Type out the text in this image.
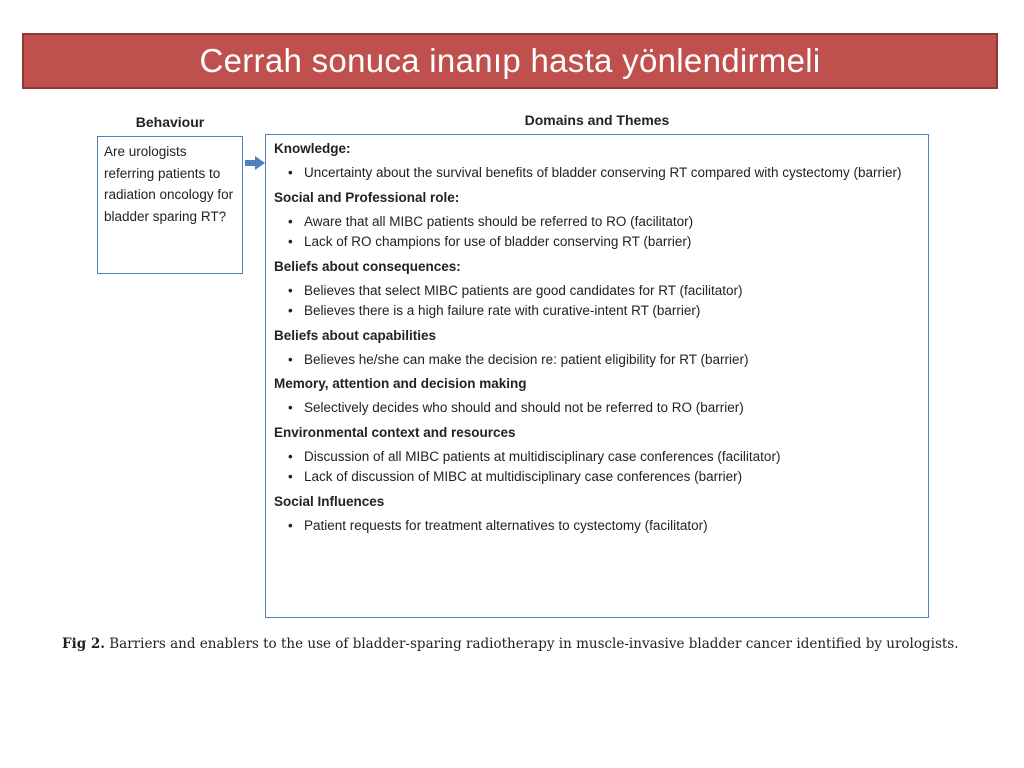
Cerrah sonuca inanıp hasta yönlendirmeli
Behaviour
Are urologists referring patients to radiation oncology for bladder sparing RT?
Domains and Themes
Knowledge:
• Uncertainty about the survival benefits of bladder conserving RT compared with cystectomy (barrier)
Social and Professional role:
• Aware that all MIBC patients should be referred to RO (facilitator)
• Lack of RO champions for use of bladder conserving RT (barrier)
Beliefs about consequences:
• Believes that select MIBC patients are good candidates for RT (facilitator)
• Believes there is a high failure rate with curative-intent RT (barrier)
Beliefs about capabilities
• Believes he/she can make the decision re: patient eligibility for RT (barrier)
Memory, attention and decision making
• Selectively decides who should and should not be referred to RO (barrier)
Environmental context and resources
• Discussion of all MIBC patients at multidisciplinary case conferences (facilitator)
• Lack of discussion of MIBC at multidisciplinary case conferences (barrier)
Social Influences
• Patient requests for treatment alternatives to cystectomy (facilitator)
Fig 2. Barriers and enablers to the use of bladder-sparing radiotherapy in muscle-invasive bladder cancer identified by urologists.
